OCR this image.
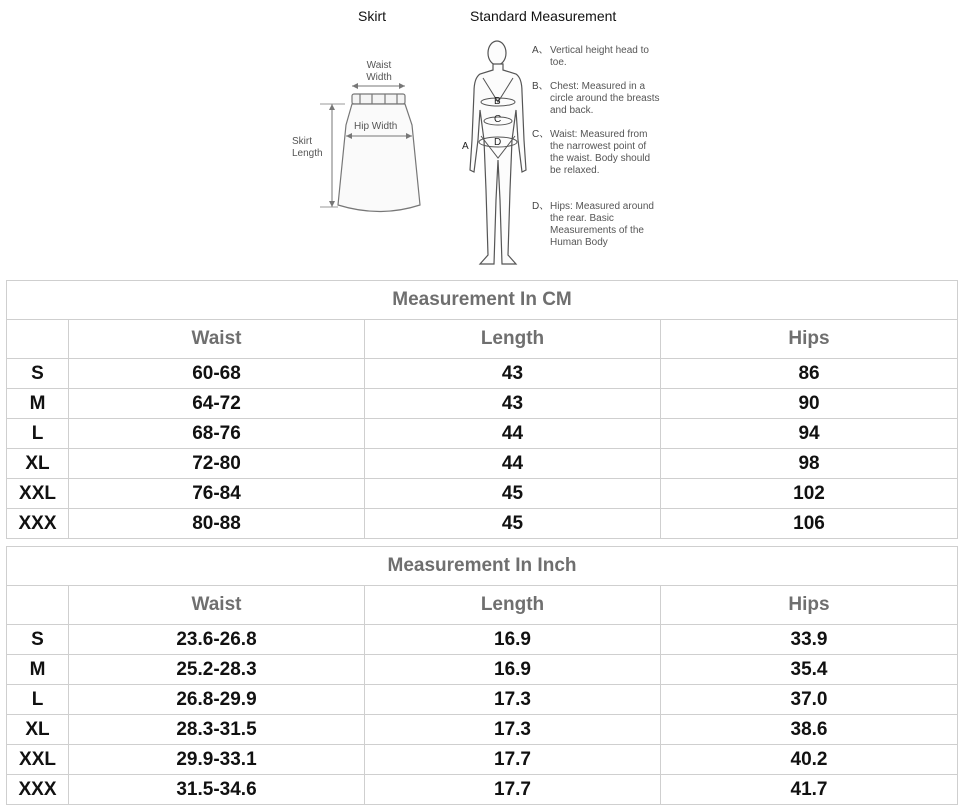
Skirt	Standard Measurement
Waist Width
Hip Width
Skirt Length
A
B
C
D
A、 Vertical height head to toe.
B、 Chest: Measured in a circle around the breasts and back.
C、 Waist: Measured from the narrowest point of the waist. Body should be relaxed.
D、 Hips: Measured around the rear. Basic Measurements of the Human Body
Measurement In CM			
	Waist	Length	Hips
S	60-68	43	86
M	64-72	43	90
L	68-76	44	94
XL	72-80	44	98
XXL	76-84	45	102
XXX	80-88	45	106
Measurement In Inch			
	Waist	Length	Hips
S	23.6-26.8	16.9	33.9
M	25.2-28.3	16.9	35.4
L	26.8-29.9	17.3	37.0
XL	28.3-31.5	17.3	38.6
XXL	29.9-33.1	17.7	40.2
XXX	31.5-34.6	17.7	41.7
